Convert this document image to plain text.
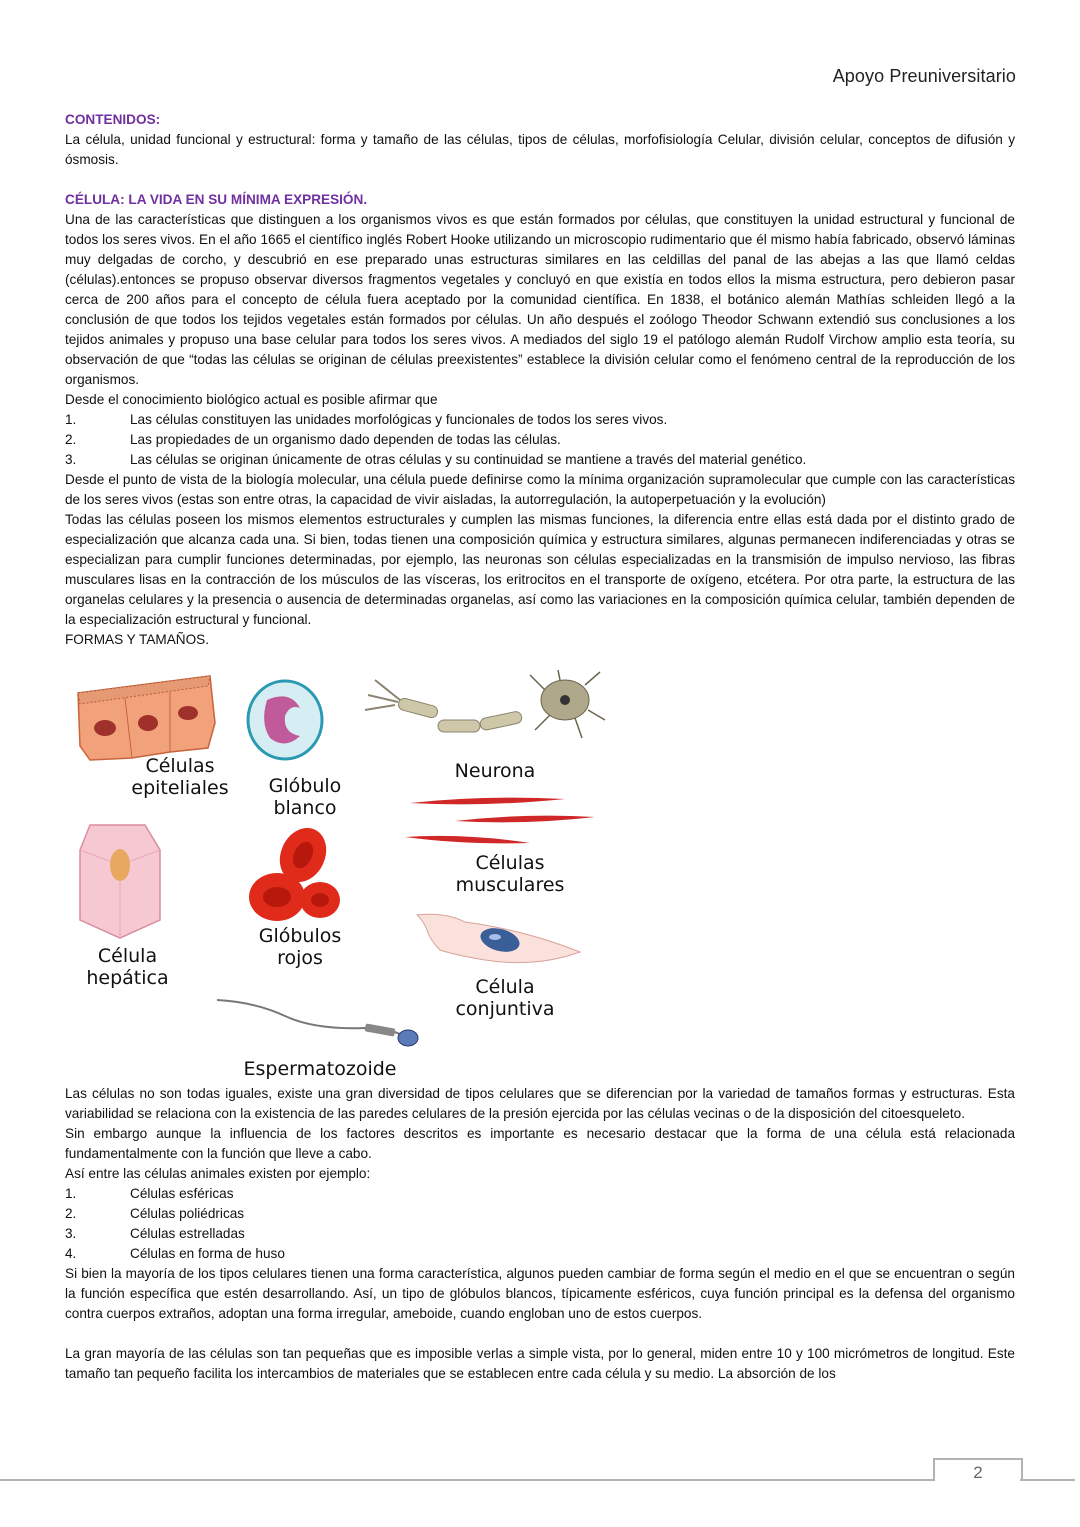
Apoyo Preuniversitario
CONTENIDOS:

La célula, unidad funcional y estructural: forma y tamaño de las células, tipos de células, morfofisiología Celular, división celular, conceptos de difusión y ósmosis.

CÉLULA: LA VIDA EN SU MÍNIMA EXPRESIÓN.

Una de las características que distinguen a los organismos vivos es que están formados por células, que constituyen la unidad estructural y funcional de todos los seres vivos. En el año 1665 el científico inglés Robert Hooke utilizando un microscopio rudimentario que él mismo había fabricado, observó láminas muy delgadas de corcho, y descubrió en ese preparado unas estructuras similares en las celdillas del panal de las abejas a las que llamó celdas (células).entonces se propuso observar diversos fragmentos vegetales y concluyó en que existía en todos ellos la misma estructura, pero debieron pasar cerca de 200 años para el concepto de célula fuera aceptado por la comunidad científica. En 1838, el botánico alemán Mathías schleiden llegó a la conclusión de que todos los tejidos vegetales están formados por células. Un año después el zoólogo Theodor Schwann extendió sus conclusiones a los tejidos animales y propuso una base celular para todos los seres vivos. A mediados del siglo 19 el patólogo alemán Rudolf Virchow amplio esta teoría, su observación de que “todas las células se originan de células preexistentes” establece la división celular como el fenómeno central de la reproducción de los organismos.

Desde el conocimiento biológico actual es posible afirmar que

1.	Las células constituyen las unidades morfológicas y funcionales de todos los seres vivos.
2.	Las propiedades de un organismo dado dependen de todas las células.
3.	Las células se originan únicamente de otras células y su continuidad se mantiene a través del material genético.

Desde el punto de vista de la biología molecular, una célula puede definirse como la mínima organización supramolecular que cumple con las características de los seres vivos (estas son entre otras, la capacidad de vivir aisladas, la autorregulación, la autoperpetuación y la evolución)

Todas las células poseen los mismos elementos estructurales y cumplen las mismas funciones, la diferencia entre ellas está dada por el distinto grado de especialización que alcanza cada una. Si bien, todas tienen una composición química y estructura similares, algunas permanecen indiferenciadas y otras se especializan para cumplir funciones determinadas, por ejemplo, las neuronas son células especializadas en la transmisión de impulso nervioso, las fibras musculares lisas en la contracción de los músculos de las vísceras, los eritrocitos en el transporte de oxígeno, etcétera. Por otra parte, la estructura de las organelas celulares y la presencia o ausencia de determinadas organelas, así como las variaciones en la composición química celular, también dependen de la especialización estructural y funcional.

FORMAS Y TAMAÑOS.

Células
epiteliales	Glóbulo
blanco
Neurona
Células
musculares
Célula
hepática
Glóbulos
rojos
Célula
conjuntiva
Espermatozoide

Las células no son todas iguales, existe una gran diversidad de tipos celulares que se diferencian por la variedad de tamaños formas y estructuras. Esta variabilidad se relaciona con la existencia de las paredes celulares de la presión ejercida por las células vecinas o de la disposición del citoesqueleto.

Sin embargo aunque la influencia de los factores descritos es importante es necesario destacar que la forma de una célula está relacionada fundamentalmente con la función que lleve a cabo.

Así entre las células animales existen por ejemplo:

1.	Células esféricas
2.	Células poliédricas
3.	Células estrelladas
4.	Células en forma de huso

Si bien la mayoría de los tipos celulares tienen una forma característica, algunos pueden cambiar de forma según el medio en el que se encuentran o según la función específica que estén desarrollando. Así, un tipo de glóbulos blancos, típicamente esféricos, cuya función principal es la defensa del organismo contra cuerpos extraños, adoptan una forma irregular, ameboide, cuando engloban uno de estos cuerpos.

La gran mayoría de las células son tan pequeñas que es imposible verlas a simple vista, por lo general, miden entre 10 y 100 micrómetros de longitud. Este tamaño tan pequeño facilita los intercambios de materiales que se establecen entre cada célula y su medio. La absorción de los

2
